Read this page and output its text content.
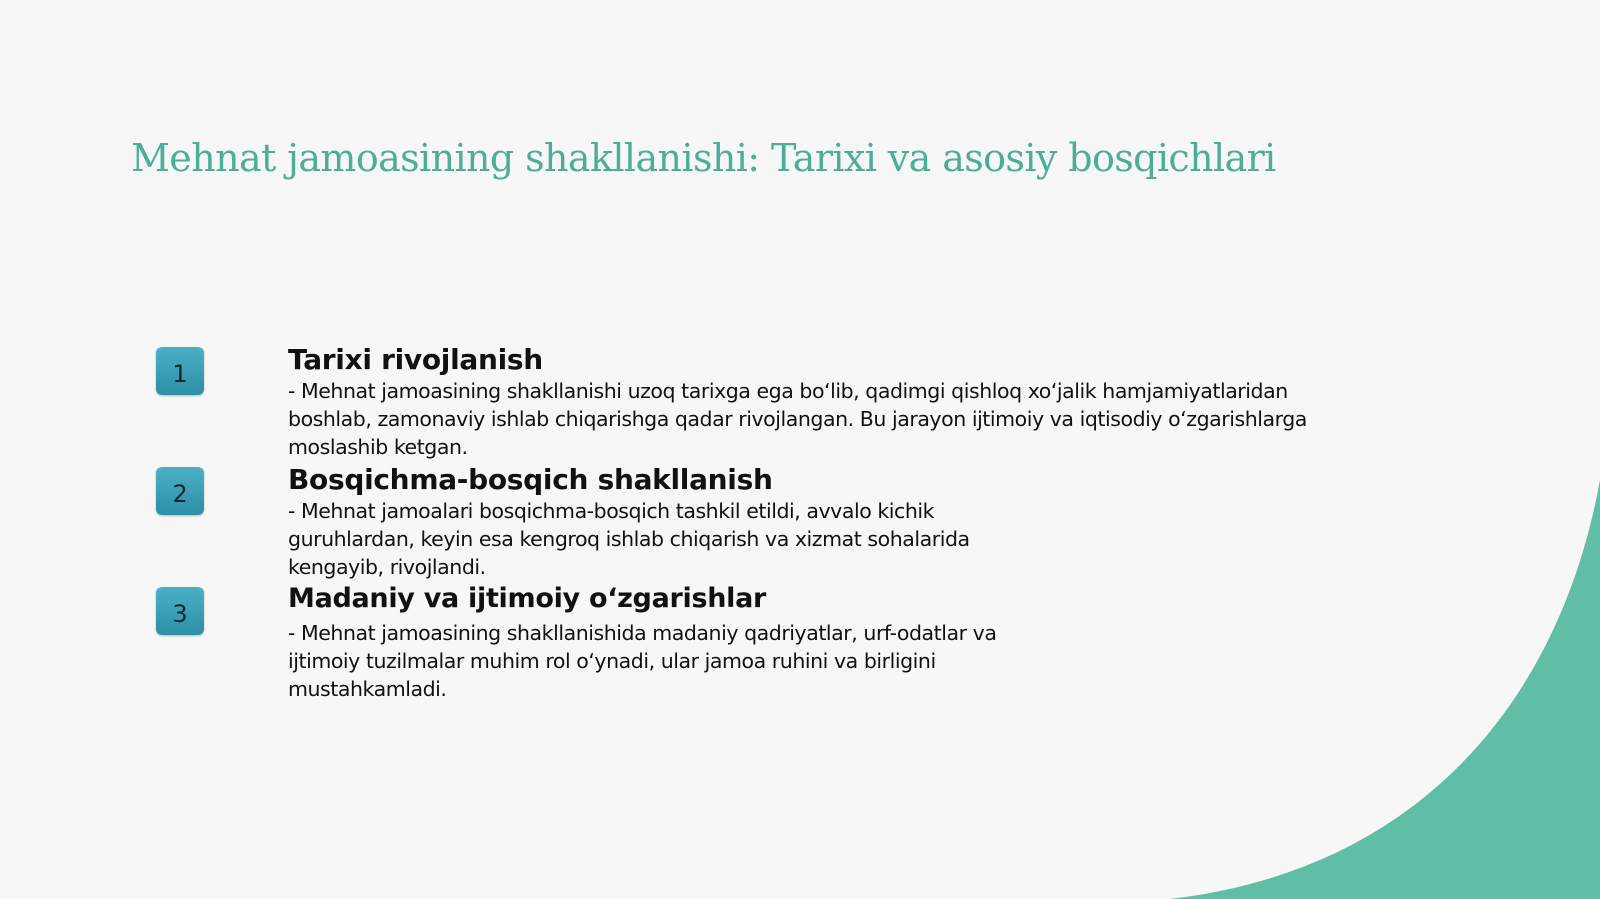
Mehnat jamoasining shakllanishi: Tarixi va asosiy bosqichlari
1	Tarixi rivojlanish

- Mehnat jamoasining shakllanishi uzoq tarixga ega bo‘lib, qadimgi qishloq xo‘jalik hamjamiyatlaridan
boshlab, zamonaviy ishlab chiqarishga qadar rivojlangan. Bu jarayon ijtimoiy va iqtisodiy o‘zgarishlarga
moslashib ketgan.

2	Bosqichma-bosqich shakllanish

- Mehnat jamoalari bosqichma-bosqich tashkil etildi, avvalo kichik
guruhlardan, keyin esa kengroq ishlab chiqarish va xizmat sohalarida
kengayib, rivojlandi.

3	Madaniy va ijtimoiy o‘zgarishlar

- Mehnat jamoasining shakllanishida madaniy qadriyatlar, urf-odatlar va
ijtimoiy tuzilmalar muhim rol o‘ynadi, ular jamoa ruhini va birligini
mustahkamladi.
